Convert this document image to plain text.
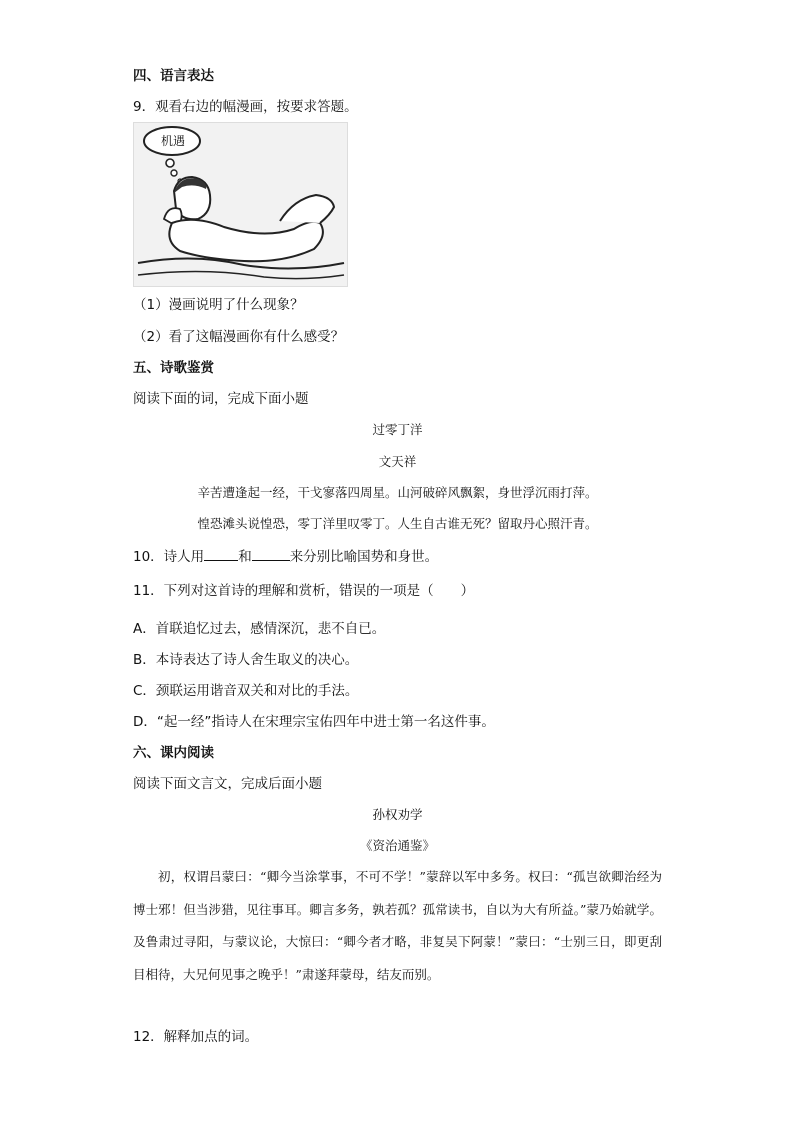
四、语言表达
9．观看右边的幅漫画，按要求答题。
机遇
（1）漫画说明了什么现象？
（2）看了这幅漫画你有什么感受？
五、诗歌鉴赏
阅读下面的词，完成下面小题
过零丁洋
文天祥
辛苦遭逢起一经，干戈寥落四周星。山河破碎风飘絮，身世浮沉雨打萍。
惶恐滩头说惶恐，零丁洋里叹零丁。人生自古谁无死？留取丹心照汗青。
10．诗人用	和	来分别比喻国势和身世。
11．下列对这首诗的理解和赏析，错误的一项是（　　）
A．首联追忆过去，感情深沉，悲不自已。
B．本诗表达了诗人舍生取义的决心。
C．颈联运用谐音双关和对比的手法。
D．“起一经”指诗人在宋理宗宝佑四年中进士第一名这件事。
六、课内阅读
阅读下面文言文，完成后面小题
孙权劝学
《资治通鉴》
初，权谓吕蒙曰：“卿今当涂掌事，不可不学！”蒙辞以军中多务。权曰：“孤岂欲卿治经为博士邪！但当涉猎，见往事耳。卿言多务，孰若孤？孤常读书，自以为大有所益。”蒙乃始就学。及鲁肃过寻阳，与蒙议论，大惊曰：“卿今者才略，非复吴下阿蒙！”蒙曰：“士别三日，即更刮目相待，大兄何见事之晚乎！”肃遂拜蒙母，结友而别。
12．解释加点的词。
